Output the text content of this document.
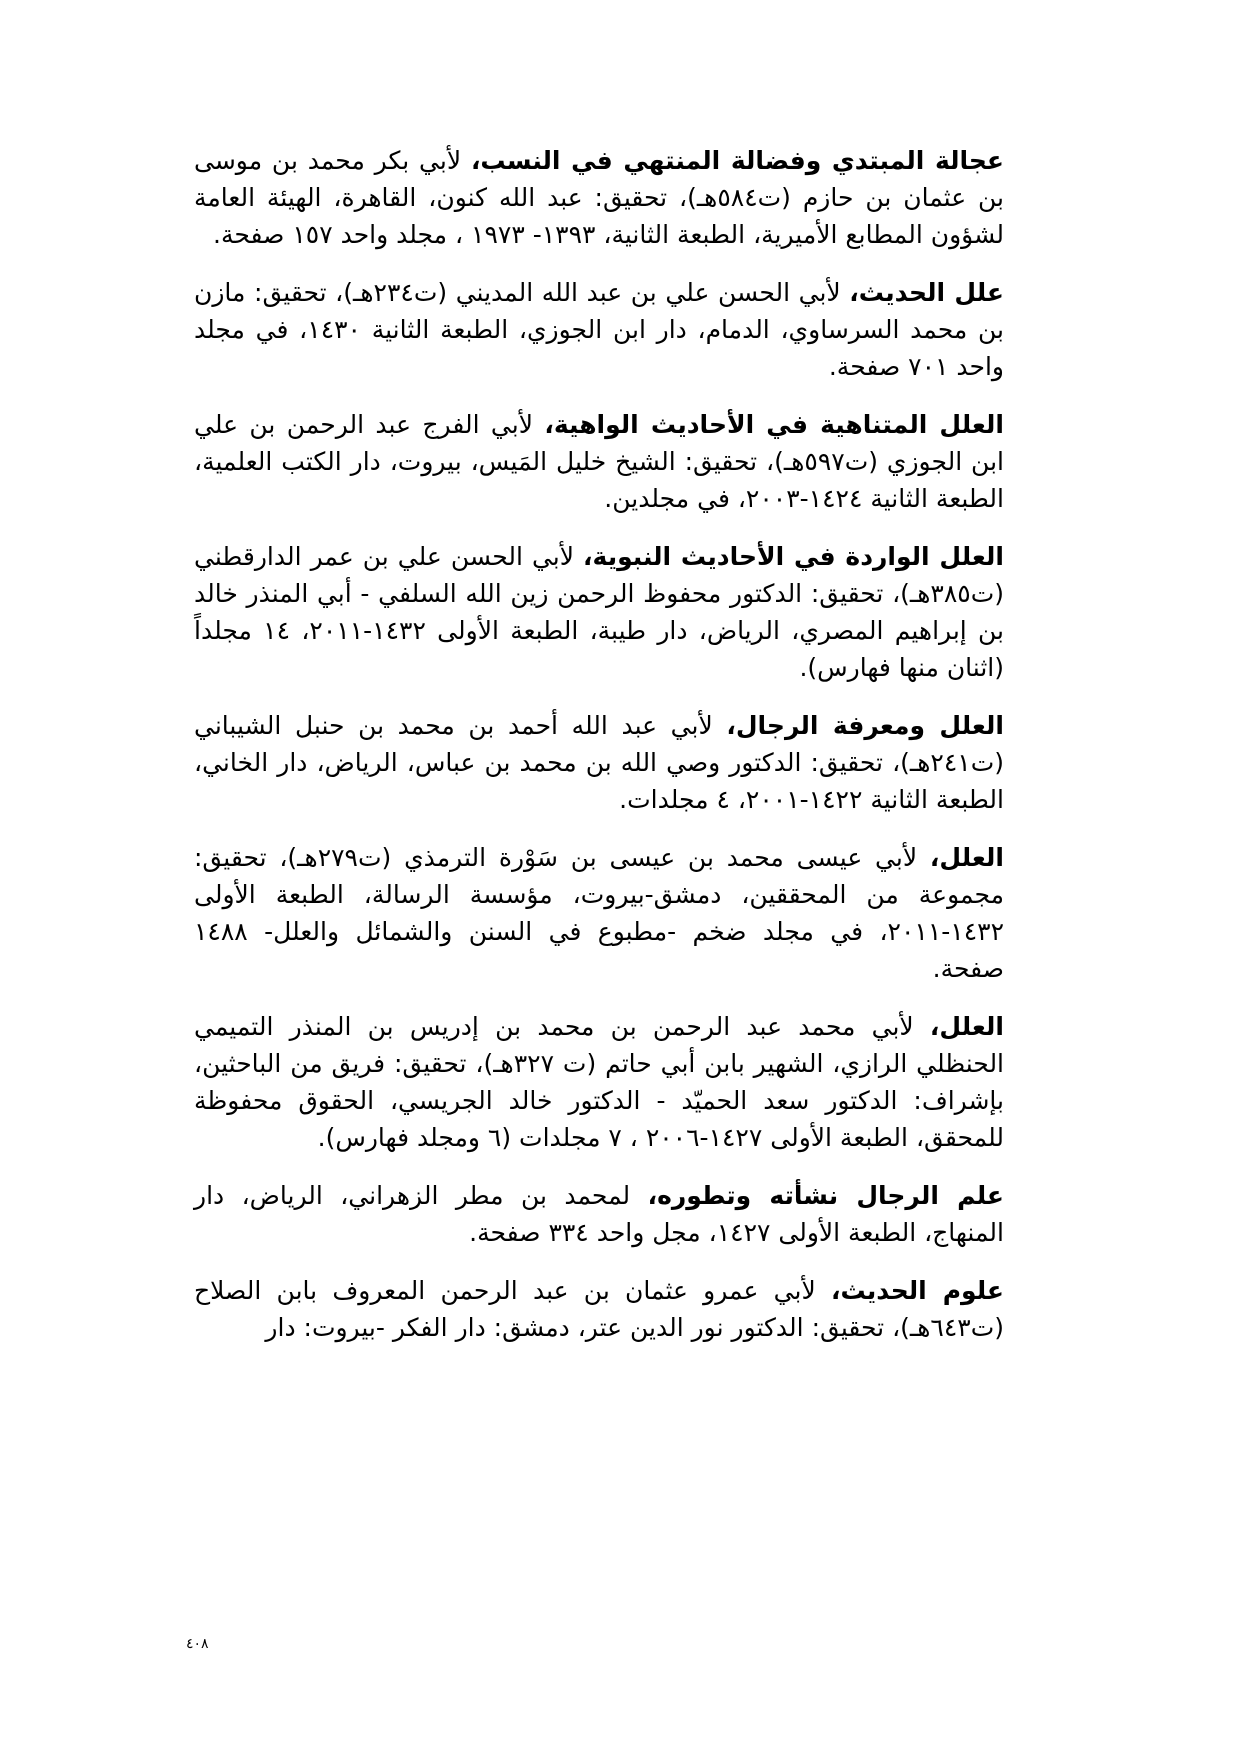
عجالة المبتدي وفضالة المنتهي في النسب، لأبي بكر محمد بن موسى بن عثمان بن حازم (ت٥٨٤هـ)، تحقيق: عبد الله كنون، القاهرة، الهيئة العامة لشؤون المطابع الأميرية، الطبعة الثانية، ١٣٩٣- ١٩٧٣ ، مجلد واحد ١٥٧ صفحة.

علل الحديث، لأبي الحسن علي بن عبد الله المديني (ت٢٣٤هـ)، تحقيق: مازن بن محمد السرساوي، الدمام، دار ابن الجوزي، الطبعة الثانية ١٤٣٠، في مجلد واحد ٧٠١ صفحة.

العلل المتناهية في الأحاديث الواهية، لأبي الفرج عبد الرحمن بن علي ابن الجوزي (ت٥٩٧هـ)، تحقيق: الشيخ خليل المَيس، بيروت، دار الكتب العلمية، الطبعة الثانية ١٤٢٤-٢٠٠٣، في مجلدين.

العلل الواردة في الأحاديث النبوية، لأبي الحسن علي بن عمر الدارقطني (ت٣٨٥هـ)، تحقيق: الدكتور محفوظ الرحمن زين الله السلفي - أبي المنذر خالد بن إبراهيم المصري، الرياض، دار طيبة، الطبعة الأولى ١٤٣٢-٢٠١١، ١٤ مجلداً (اثنان منها فهارس).

العلل ومعرفة الرجال، لأبي عبد الله أحمد بن محمد بن حنبل الشيباني (ت٢٤١هـ)، تحقيق: الدكتور وصي الله بن محمد بن عباس، الرياض، دار الخاني، الطبعة الثانية ١٤٢٢-٢٠٠١، ٤ مجلدات.

العلل، لأبي عيسى محمد بن عيسى بن سَوْرة الترمذي (ت٢٧٩هـ)، تحقيق: مجموعة من المحققين، دمشق-بيروت، مؤسسة الرسالة، الطبعة الأولى ١٤٣٢-٢٠١١، في مجلد ضخم -مطبوع في السنن والشمائل والعلل- ١٤٨٨ صفحة.

العلل، لأبي محمد عبد الرحمن بن محمد بن إدريس بن المنذر التميمي الحنظلي الرازي، الشهير بابن أبي حاتم (ت ٣٢٧هـ)، تحقيق: فريق من الباحثين، بإشراف: الدكتور سعد الحميّد - الدكتور خالد الجريسي، الحقوق محفوظة للمحقق، الطبعة الأولى ١٤٢٧-٢٠٠٦ ، ٧ مجلدات (٦ ومجلد فهارس).

علم الرجال نشأته وتطوره، لمحمد بن مطر الزهراني، الرياض، دار المنهاج، الطبعة الأولى ١٤٢٧، مجل واحد ٣٣٤ صفحة.

علوم الحديث، لأبي عمرو عثمان بن عبد الرحمن المعروف بابن الصلاح (ت٦٤٣هـ)، تحقيق: الدكتور نور الدين عتر، دمشق: دار الفكر -بيروت: دار

٤٠٨
